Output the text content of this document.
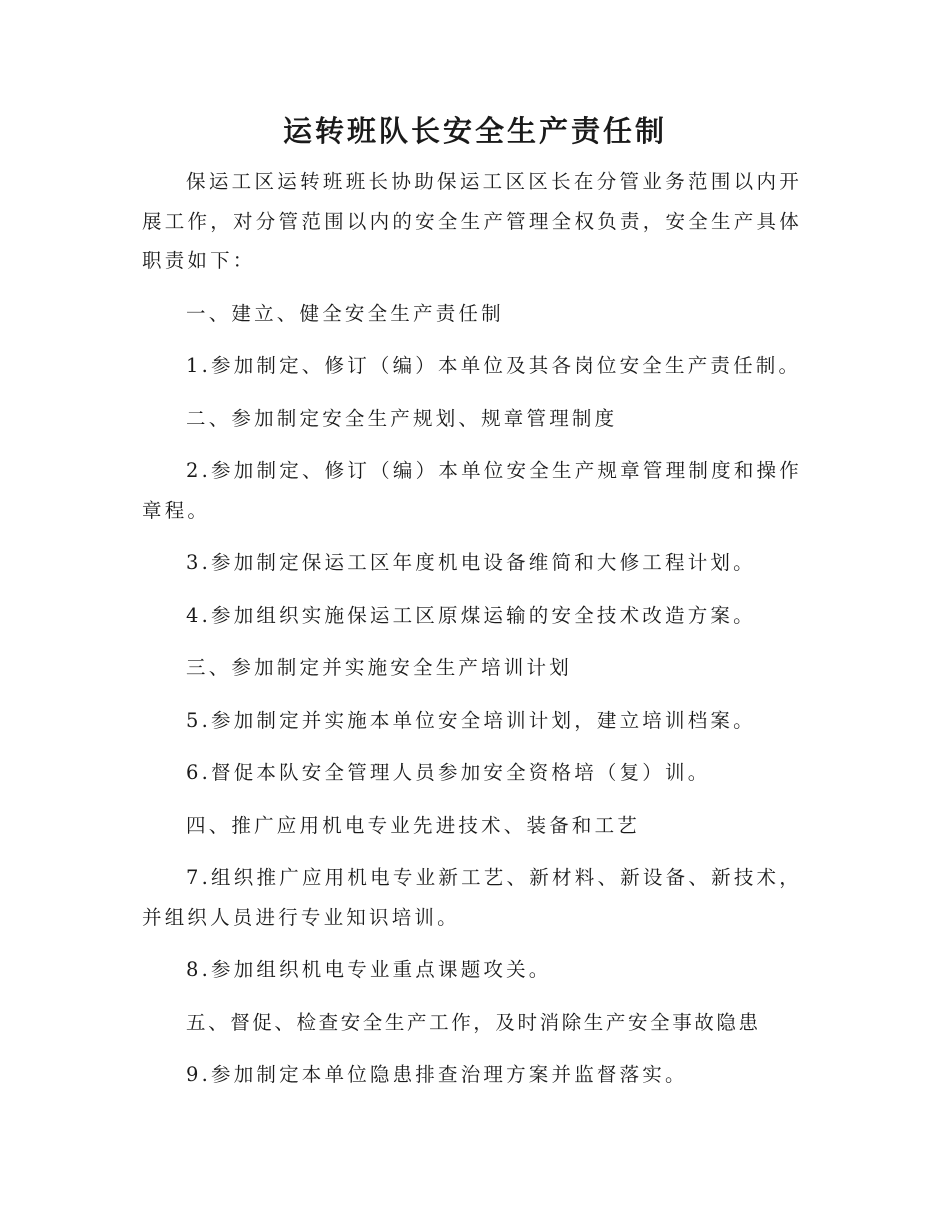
运转班队长安全生产责任制

保运工区运转班班长协助保运工区区长在分管业务范围以内开展工作，对分管范围以内的安全生产管理全权负责，安全生产具体职责如下：

一、建立、健全安全生产责任制

1.参加制定、修订（编）本单位及其各岗位安全生产责任制。

二、参加制定安全生产规划、规章管理制度

2.参加制定、修订（编）本单位安全生产规章管理制度和操作章程。

3.参加制定保运工区年度机电设备维简和大修工程计划。

4.参加组织实施保运工区原煤运输的安全技术改造方案。

三、参加制定并实施安全生产培训计划

5.参加制定并实施本单位安全培训计划，建立培训档案。

6.督促本队安全管理人员参加安全资格培（复）训。

四、推广应用机电专业先进技术、装备和工艺

7.组织推广应用机电专业新工艺、新材料、新设备、新技术，并组织人员进行专业知识培训。

8.参加组织机电专业重点课题攻关。

五、督促、检查安全生产工作，及时消除生产安全事故隐患

9.参加制定本单位隐患排查治理方案并监督落实。
